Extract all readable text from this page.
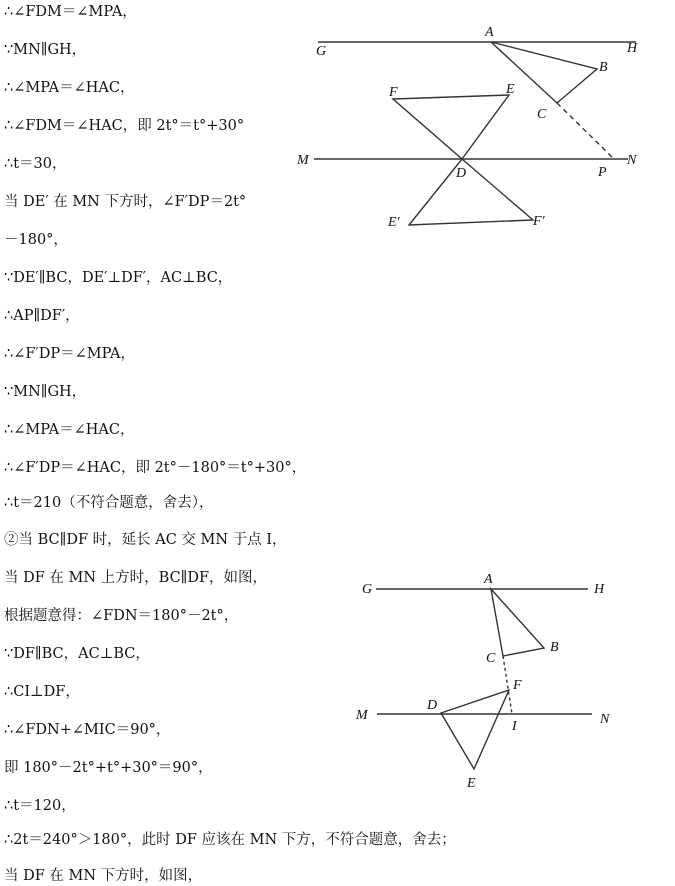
∴∠FDM＝∠MPA，
∵MN∥GH，
∴∠MPA＝∠HAC，
∴∠FDM＝∠HAC，即 2t°＝t°+30°
∴t＝30，
当 DE′ 在 MN 下方时，∠F′DP＝2t°
－180°，
∵DE′∥BC，DE′⊥DF′，AC⊥BC，
∴AP∥DF′，
∴∠F′DP＝∠MPA，
∵MN∥GH，
∴∠MPA＝∠HAC，
∴∠F′DP＝∠HAC，即 2t°－180°＝t°+30°，
∴t＝210（不符合题意，舍去），
②当 BC∥DF 时，延长 AC 交 MN 于点 I，
当 DF 在 MN 上方时，BC∥DF，如图，
根据题意得：∠FDN＝180°－2t°，
∵DF∥BC，AC⊥BC，
∴CI⊥DF，
∴∠FDN+∠MIC＝90°，
即 180°－2t°+t°+30°＝90°，
∴t＝120，
∴2t＝240°＞180°，此时 DF 应该在 MN 下方，不符合题意，舍去；
当 DF 在 MN 下方时，如图，
G
A
H
B
C
F	E
M
D	P
N
E′	F′
G
A
H
B
C
F
M
D
I	N
E
